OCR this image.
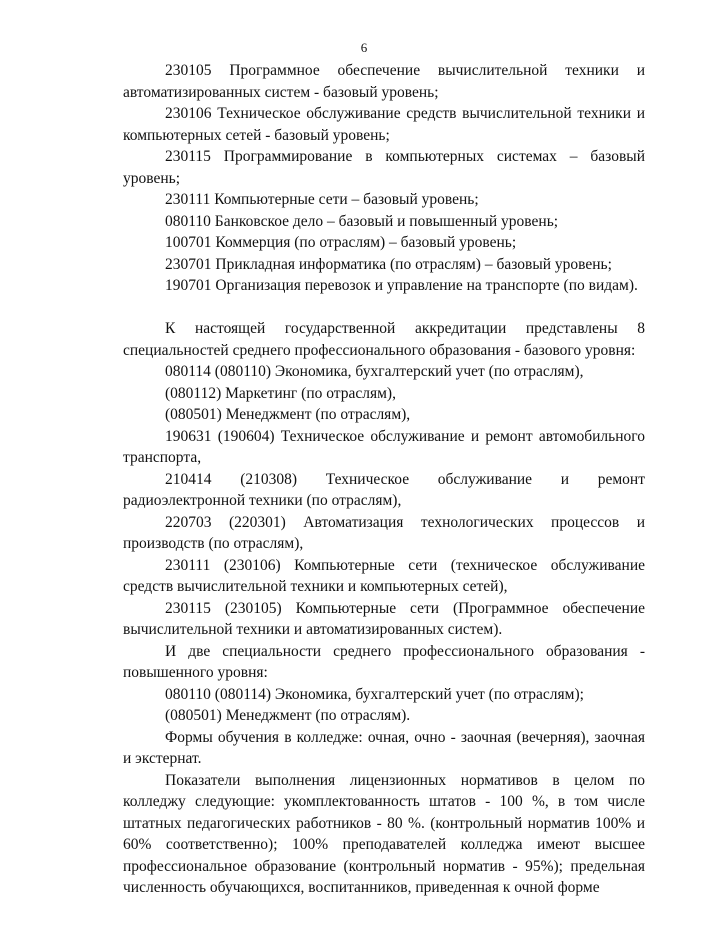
6

230105 Программное обеспечение вычислительной техники и автоматизированных систем - базовый уровень;

230106 Техническое обслуживание средств вычислительной техники и компьютерных сетей - базовый уровень;

230115 Программирование в компьютерных системах – базовый уровень;

230111 Компьютерные сети – базовый уровень;

080110 Банковское дело – базовый и повышенный уровень;

100701 Коммерция (по отраслям) – базовый уровень;

230701 Прикладная информатика (по отраслям) – базовый уровень;

190701 Организация перевозок и управление на транспорте (по видам).

К настоящей государственной аккредитации представлены 8 специальностей среднего профессионального образования - базового уровня:

080114 (080110) Экономика, бухгалтерский учет (по отраслям),

(080112) Маркетинг (по отраслям),

(080501) Менеджмент (по отраслям),

190631 (190604) Техническое обслуживание и ремонт автомобильного транспорта,

210414 (210308) Техническое обслуживание и ремонт радиоэлектронной техники (по отраслям),

220703 (220301) Автоматизация технологических процессов и производств (по отраслям),

230111 (230106) Компьютерные сети (техническое обслуживание средств вычислительной техники и компьютерных сетей),

230115 (230105) Компьютерные сети (Программное обеспечение вычислительной техники и автоматизированных систем).

И две специальности среднего профессионального образования - повышенного уровня:

080110 (080114) Экономика, бухгалтерский учет (по отраслям);

(080501) Менеджмент (по отраслям).

Формы обучения в колледже: очная, очно - заочная (вечерняя), заочная и экстернат.

Показатели выполнения лицензионных нормативов в целом по колледжу следующие: укомплектованность штатов - 100 %, в том числе штатных педагогических работников - 80 %. (контрольный норматив 100% и 60% соответственно); 100% преподавателей колледжа имеют высшее профессиональное образование (контрольный норматив - 95%); предельная численность обучающихся, воспитанников, приведенная к очной форме
